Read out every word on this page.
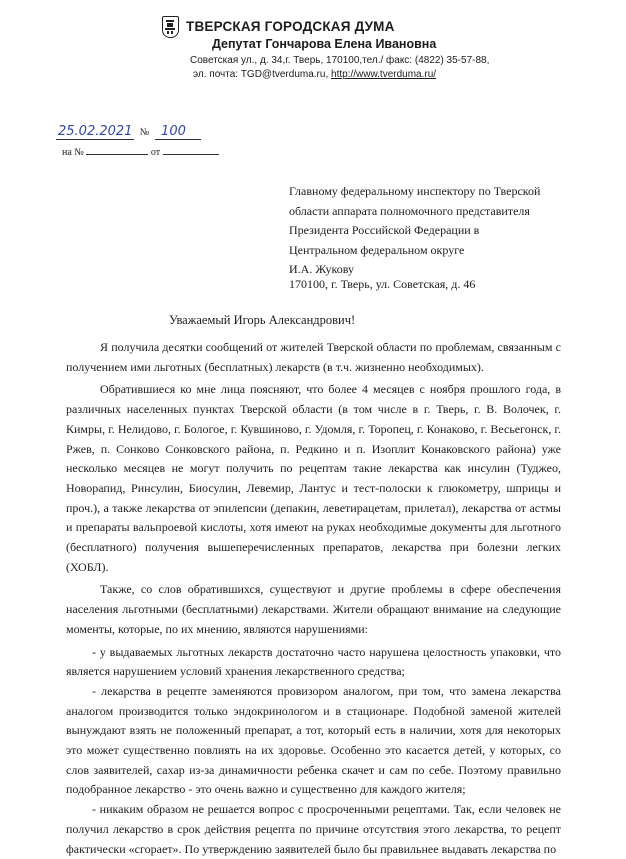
ТВЕРСКАЯ ГОРОДСКАЯ ДУМА
Депутат Гончарова Елена Ивановна
Советская ул., д. 34,г. Тверь, 170100,тел./ факс: (4822) 35-57-88,
эл. почта: TGD@tverduma.ru, http://www.tverduma.ru/
25.02.2021 № 100
на №	от
Главному федеральному инспектору по Тверской
области аппарата полномочного представителя
Президента Российской Федерации в
Центральном федеральном округе
И.А. Жукову
170100, г. Тверь, ул. Советская, д. 46
Уважаемый Игорь Александрович!

Я получила десятки сообщений от жителей Тверской области по проблемам, связанным с получением ими льготных (бесплатных) лекарств (в т.ч. жизненно необходимых).

Обратившиеся ко мне лица поясняют, что более 4 месяцев с ноября прошлого года, в различных населенных пунктах Тверской области (в том числе в г. Тверь, г. В. Волочек, г. Кимры, г. Нелидово, г. Бологое, г. Кувшиново, г. Удомля, г. Торопец, г. Конаково, г. Весьегонск, г. Ржев, п. Сонково Сонковского района, п. Редкино и п. Изоплит Конаковского района) уже несколько месяцев не могут получить по рецептам такие лекарства как инсулин (Туджео, Новорапид, Ринсулин, Биосулин, Левемир, Лантус и тест-полоски к глюкометру, шприцы и проч.), а также лекарства от эпилепсии (депакин, леветирацетам, прилетал), лекарства от астмы и препараты вальпроевой кислоты, хотя имеют на руках необходимые документы для льготного (бесплатного) получения вышеперечисленных препаратов, лекарства при болезни легких (ХОБЛ).

Также, со слов обратившихся, существуют и другие проблемы в сфере обеспечения населения льготными (бесплатными) лекарствами. Жители обращают внимание на следующие моменты, которые, по их мнению, являются нарушениями:

- у выдаваемых льготных лекарств достаточно часто нарушена целостность упаковки, что является нарушением условий хранения лекарственного средства;

- лекарства в рецепте заменяются провизором аналогом, при том, что замена лекарства аналогом производится только эндокринологом и в стационаре. Подобной заменой жителей вынуждают взять не положенный препарат, а тот, который есть в наличии, хотя для некоторых это может существенно повлиять на их здоровье. Особенно это касается детей, у которых, со слов заявителей, сахар из-за динамичности ребенка скачет и сам по себе. Поэтому правильно подобранное лекарство - это очень важно и существенно для каждого жителя;

- никаким образом не решается вопрос с просроченными рецептами. Так, если человек не получил лекарство в срок действия рецепта по причине отсутствия этого лекарства, то рецепт фактически «сгорает». По утверждению заявителей было бы правильнее выдавать лекарства по
